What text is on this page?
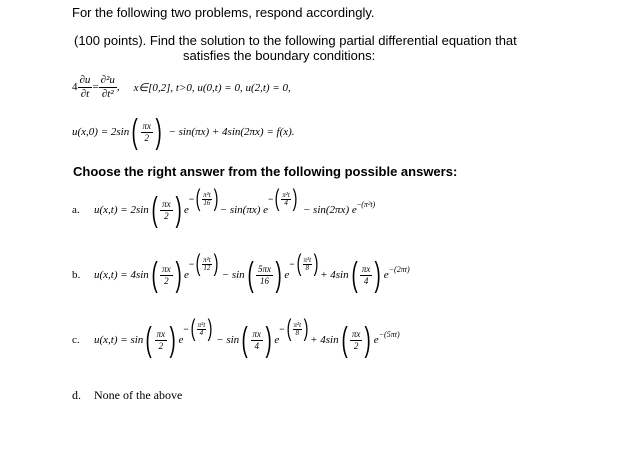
For the following two problems, respond accordingly.
(100 points). Find the solution to the following partial differential equation that
satisfies the boundary conditions:
$4 \frac{\partial u}{\partial t} = \frac{\text{∂²u}}{\text{∂t²}}$ , x∈[0,2], t>0, u(0,t) = 0, u(2,t) = 0,
u(x,0) = 2sin ( $\frac{\pi x}{2}$ ) − sin(πx) + 4sin(2πx) = f(x).
Choose the right answer from the following possible answers:
a.	u(x,t) = 2sin ( $\frac{\pi x}{2}$ ) e
− ( $\frac{\text{π²t}}{16}$ ) − sin(πx) e
− ( $\frac{\text{π²t}}{4}$ ) − sin(2πx) e −(π²t)
b.	u(x,t) = 4sin ( $\frac{\pi x}{2}$ ) e
− ( $\frac{\text{π²t}}{12}$ ) − sin ( $\frac{5\pi x}{16}$ ) e
− ( $\frac{\text{π²t}}{8}$ ) + 4sin ( $\frac{\pi x}{4}$ ) e −(2πt)
c.	u(x,t) = sin ( $\frac{\pi x}{2}$ ) e
− ( $\frac{\text{π²t}}{4}$ ) − sin ( $\frac{\pi x}{4}$ ) e
− ( $\frac{\text{π²t}}{8}$ ) + 4sin ( $\frac{\pi x}{2}$ ) e −(5πt)
d. None of the above
